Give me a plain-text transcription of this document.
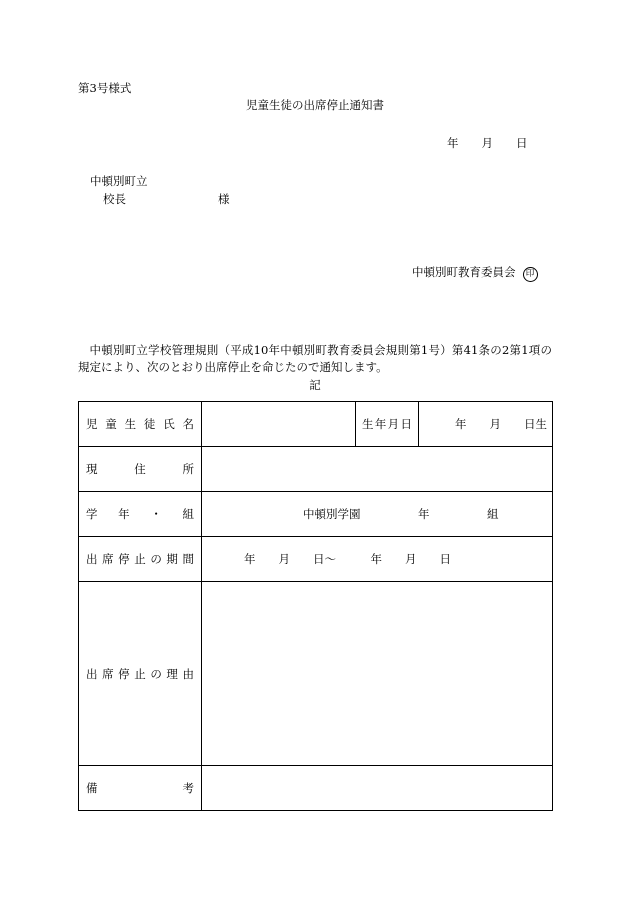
第3号様式
児童生徒の出席停止通知書
年　　月　　日
中頓別町立
校長　　　　　　　　様
中頓別町教育委員会 印
中頓別町立学校管理規則（平成10年中頓別町教育委員会規則第1号）第41条の2第1項の規定により、次のとおり出席停止を命じたので通知します。
記
児童生徒氏名		生年月日	年　　月　　日生

現住所			

学年・組	中頓別学園　　　　　年　　　　　組		

出席停止の期間	年　　月　　日～　　　年　　月　　日		

出席停止の理由			

備考			
